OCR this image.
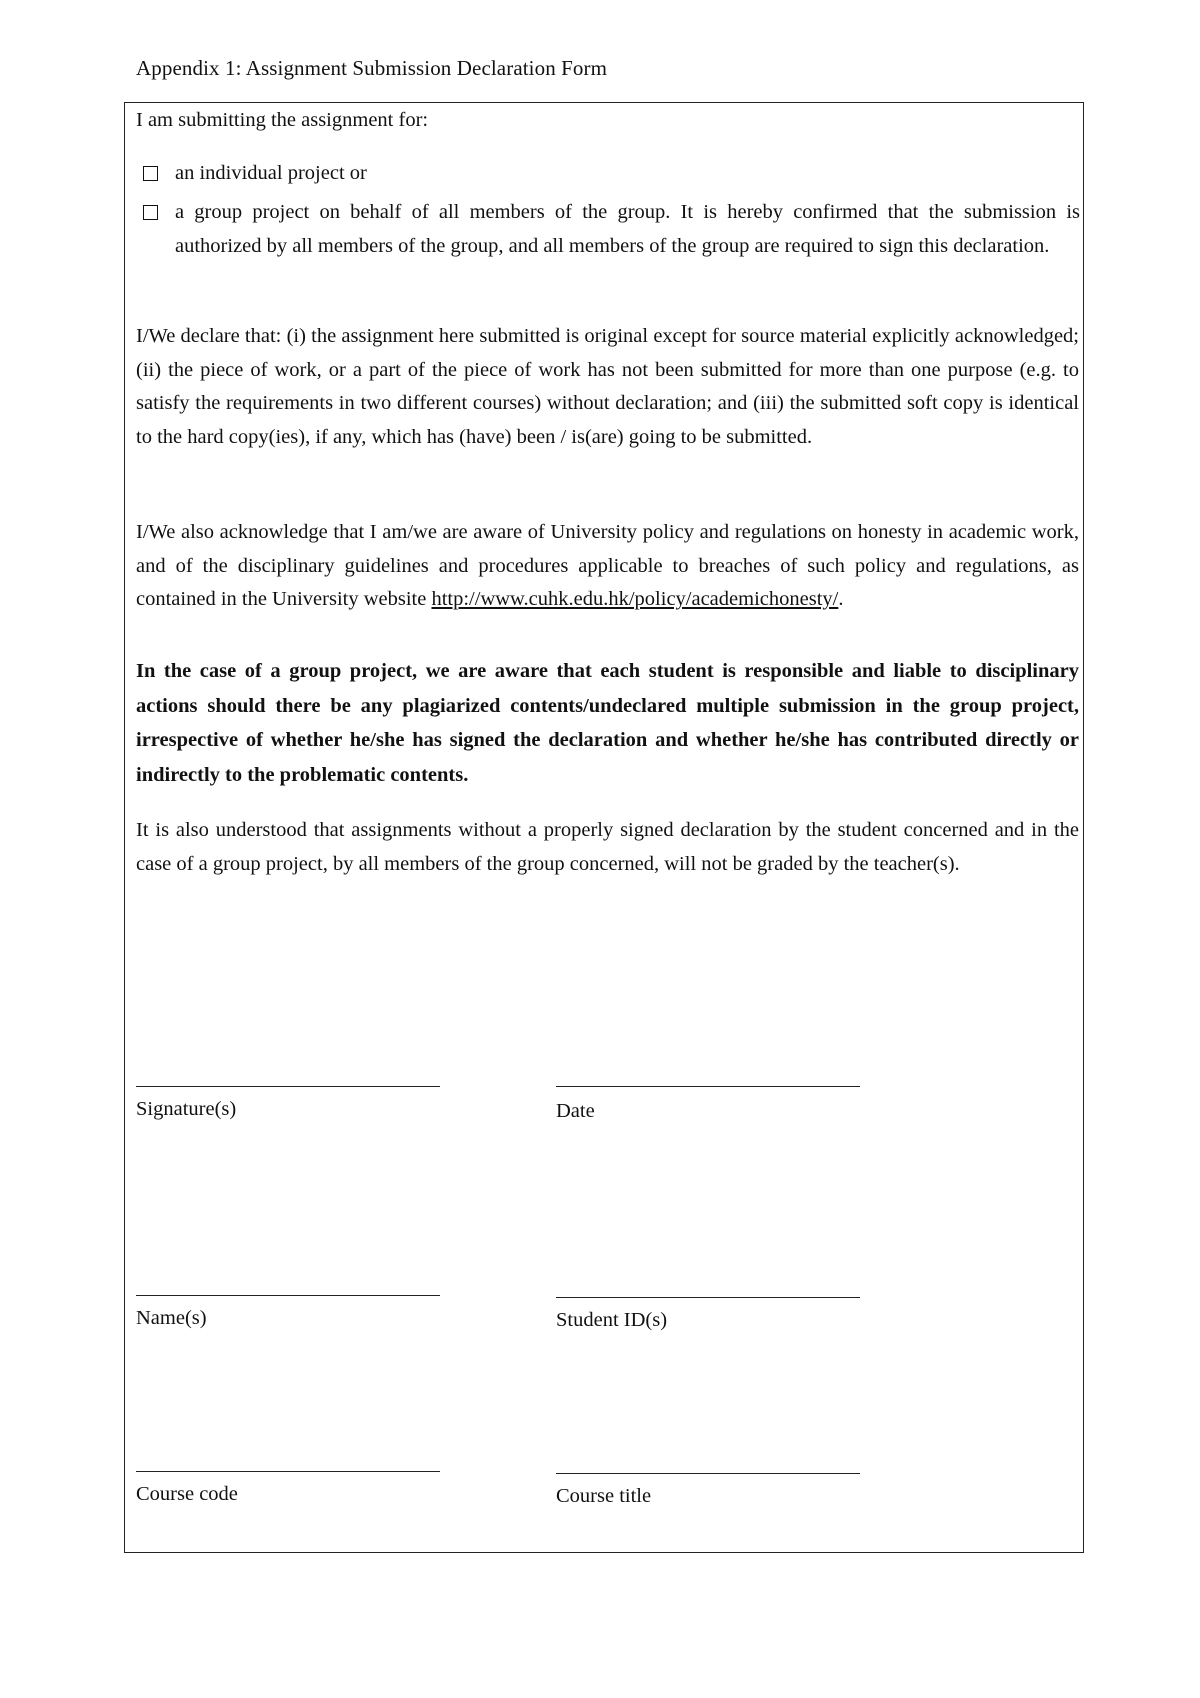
Appendix 1: Assignment Submission Declaration Form

I am submitting the assignment for:

an individual project or
a group project on behalf of all members of the group. It is hereby confirmed that the submission is authorized by all members of the group, and all members of the group are required to sign this declaration.

I/We declare that: (i) the assignment here submitted is original except for source material explicitly acknowledged; (ii) the piece of work, or a part of the piece of work has not been submitted for more than one purpose (e.g. to satisfy the requirements in two different courses) without declaration; and (iii) the submitted soft copy is identical to the hard copy(ies), if any, which has (have) been / is(are) going to be submitted.

I/We also acknowledge that I am/we are aware of University policy and regulations on honesty in academic work, and of the disciplinary guidelines and procedures applicable to breaches of such policy and regulations, as contained in the University website http://www.cuhk.edu.hk/policy/academichonesty/.

In the case of a group project, we are aware that each student is responsible and liable to disciplinary actions should there be any plagiarized contents/undeclared multiple submission in the group project, irrespective of whether he/she has signed the declaration and whether he/she has contributed directly or indirectly to the problematic contents.

It is also understood that assignments without a properly signed declaration by the student concerned and in the case of a group project, by all members of the group concerned, will not be graded by the teacher(s).

Signature(s)	Date
Name(s)	Student ID(s)
Course code	Course title
